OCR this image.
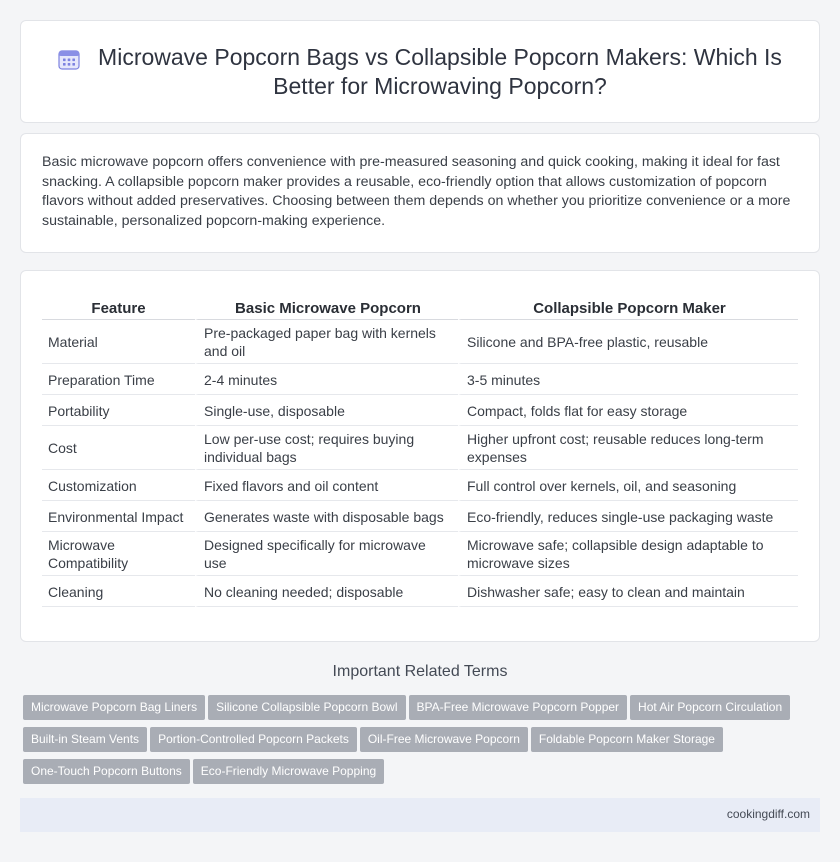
Microwave Popcorn Bags vs Collapsible Popcorn Makers: Which Is Better for Microwaving Popcorn?

Basic microwave popcorn offers convenience with pre-measured seasoning and quick cooking, making it ideal for fast snacking. A collapsible popcorn maker provides a reusable, eco-friendly option that allows customization of popcorn flavors without added preservatives. Choosing between them depends on whether you prioritize convenience or a more sustainable, personalized popcorn-making experience.

Feature	Basic Microwave Popcorn	Collapsible Popcorn Maker
Material	Pre-packaged paper bag with kernels and oil	Silicone and BPA-free plastic, reusable
Preparation Time	2-4 minutes	3-5 minutes
Portability	Single-use, disposable	Compact, folds flat for easy storage
Cost	Low per-use cost; requires buying individual bags	Higher upfront cost; reusable reduces long-term expenses
Customization	Fixed flavors and oil content	Full control over kernels, oil, and seasoning
Environmental Impact	Generates waste with disposable bags	Eco-friendly, reduces single-use packaging waste
Microwave Compatibility	Designed specifically for microwave use	Microwave safe; collapsible design adaptable to microwave sizes
Cleaning	No cleaning needed; disposable	Dishwasher safe; easy to clean and maintain
Important Related Terms
Microwave Popcorn Bag Liners Silicone Collapsible Popcorn Bowl BPA-Free Microwave Popcorn Popper Hot Air Popcorn Circulation
Built-in Steam Vents Portion-Controlled Popcorn Packets Oil-Free Microwave Popcorn Foldable Popcorn Maker Storage
One-Touch Popcorn Buttons Eco-Friendly Microwave Popping
cookingdiff.com
